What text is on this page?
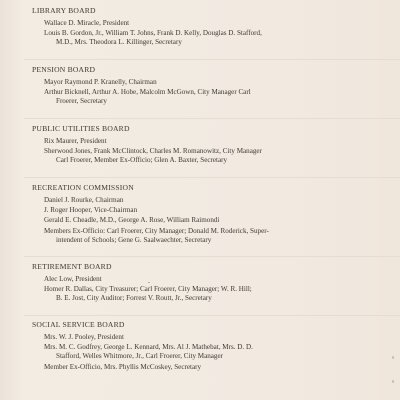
LIBRARY BOARD
Wallace D. Miracle, President
Louis B. Gordon, Jr., William T. Johns, Frank D. Kelly, Douglas D. Stafford,
M.D., Mrs. Theodora L. Killinger, Secretary
PENSION BOARD
Mayor Raymond P. Kranelly, Chairman
Arthur Bicknell, Arthur A. Hobe, Malcolm McGown, City Manager Carl
Froerer, Secretary
PUBLIC UTILITIES BOARD
Rix Maurer, President
Sherwood Jones, Frank McClintock, Charles M. Romanowitz, City Manager
Carl Froerer, Member Ex-Officio; Glen A. Baxter, Secretary
RECREATION COMMISSION
Daniel J. Rourke, Chairman
J. Roger Hooper, Vice-Chairman
Gerald E. Cheadle, M.D., George A. Rose, William Raimondi
Members Ex-Officio: Carl Froerer, City Manager; Donald M. Roderick, Super-
intendent of Schools; Gene G. Saalwaechter, Secretary
RETIREMENT BOARD
Alec Low, President
Homer R. Dallas, City Treasurer; Carl Froerer, City Manager; W. R. Hill;
B. E. Jost, City Auditor; Forrest V. Routt, Jr., Secretary
SOCIAL SERVICE BOARD
Mrs. W. J. Pooley, President
Mrs. M. C. Godfrey, George L. Kennard, Mrs. Al J. Mathebat, Mrs. D. D.
Stafford, Welles Whitmore, Jr., Carl Froerer, City Manager
Member Ex-Officio, Mrs. Phyllis McCoskey, Secretary
